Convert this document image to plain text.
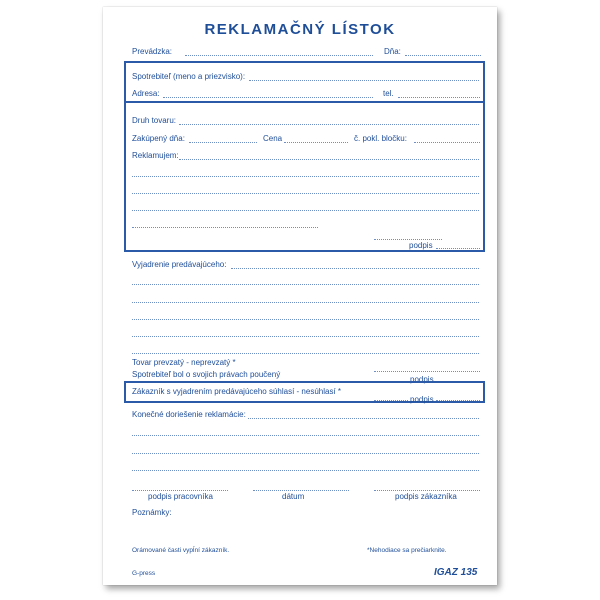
REKLAMAČNÝ LÍSTOK
Prevádzka:	Dňa:
Spotrebiteľ (meno a priezvisko):
Adresa:	tel.
Druh tovaru:
Zakúpený dňa:	Cena	č. pokl. bločku:
Reklamujem:
podpis
Vyjadrenie predávajúceho:
Tovar prevzatý - neprevzatý *
Spotrebiteľ bol o svojich právach poučený
podpis
Zákazník s vyjadrením predávajúceho súhlasí - nesúhlasí *
podpis
Konečné doriešenie reklamácie:
podpis pracovníka	dátum	podpis zákazníka
Poznámky:
Orámované časti vypĺní zákazník.	*Nehodiace sa prečiarknite.
G-press	IGAZ 135
